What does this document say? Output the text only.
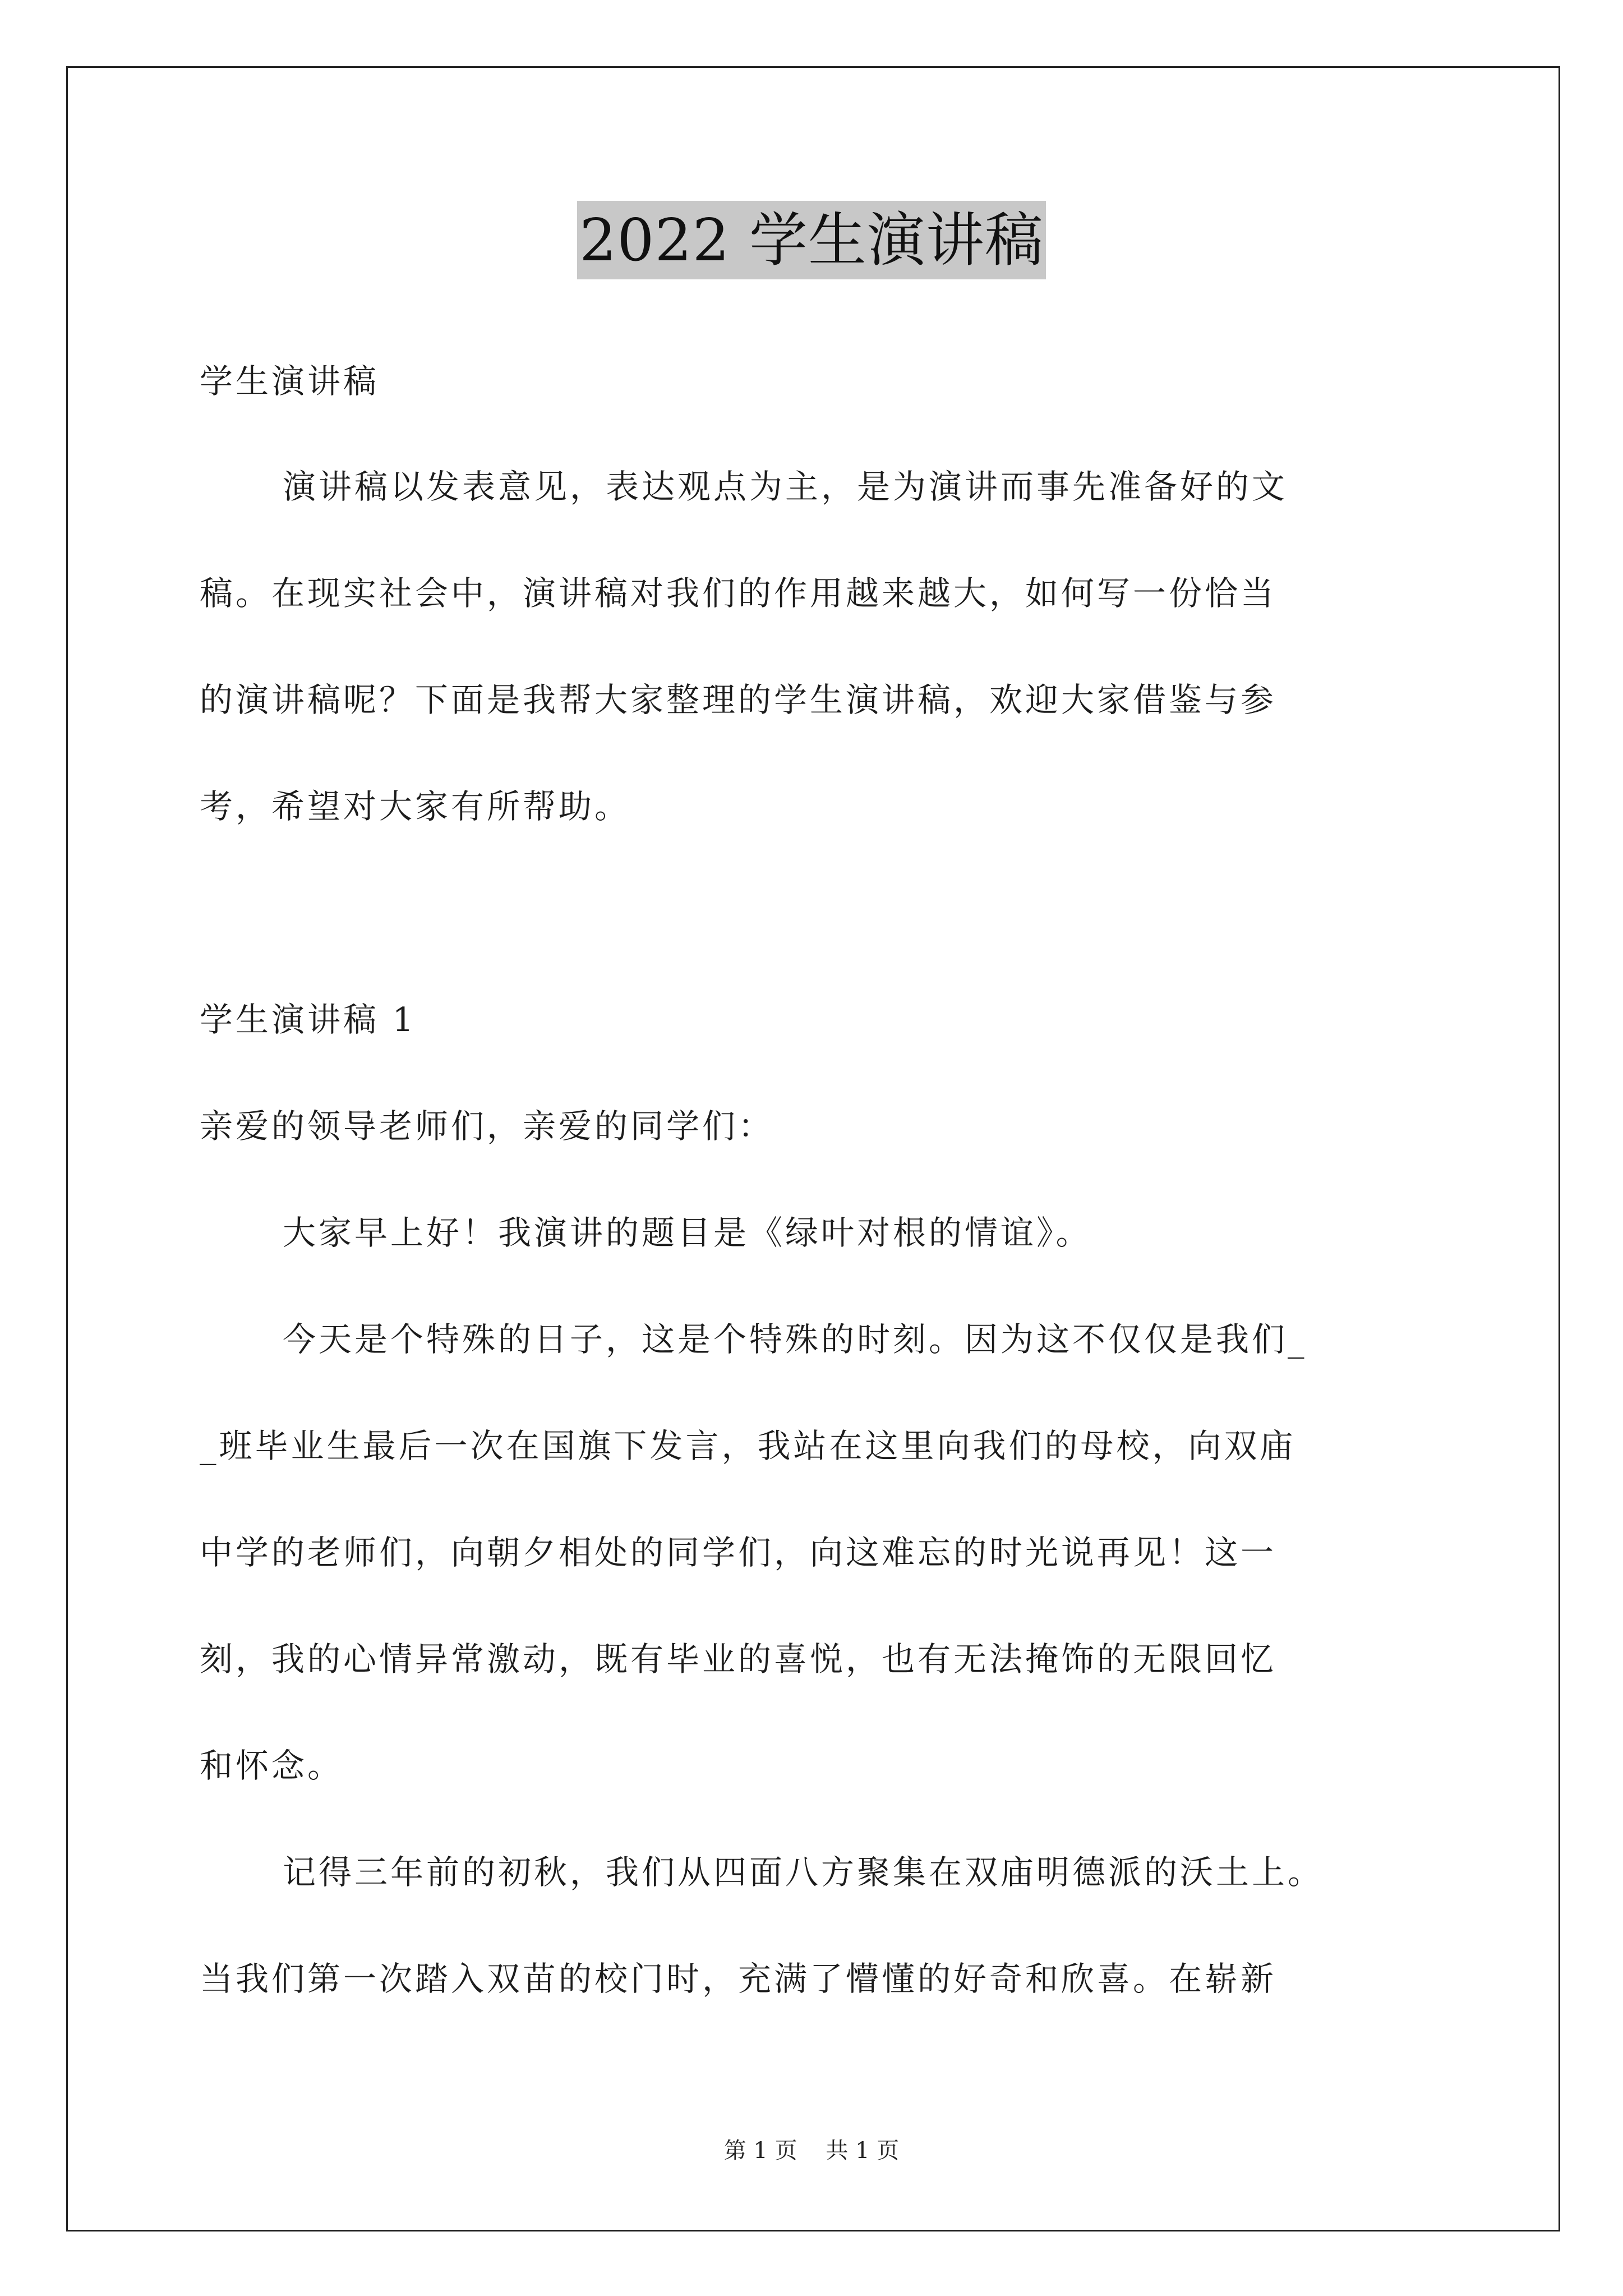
2022 学生演讲稿
学生演讲稿
演讲稿以发表意见，表达观点为主，是为演讲而事先准备好的文
稿。在现实社会中，演讲稿对我们的作用越来越大，如何写一份恰当
的演讲稿呢？下面是我帮大家整理的学生演讲稿，欢迎大家借鉴与参
考，希望对大家有所帮助。
学生演讲稿 1
亲爱的领导老师们，亲爱的同学们：
大家早上好！我演讲的题目是《绿叶对根的情谊》。
今天是个特殊的日子，这是个特殊的时刻。因为这不仅仅是我们_
_班毕业生最后一次在国旗下发言，我站在这里向我们的母校，向双庙
中学的老师们，向朝夕相处的同学们，向这难忘的时光说再见！这一
刻，我的心情异常激动，既有毕业的喜悦，也有无法掩饰的无限回忆
和怀念。
记得三年前的初秋，我们从四面八方聚集在双庙明德派的沃土上。
当我们第一次踏入双苗的校门时，充满了懵懂的好奇和欣喜。在崭新
第 1 页    共 1 页
